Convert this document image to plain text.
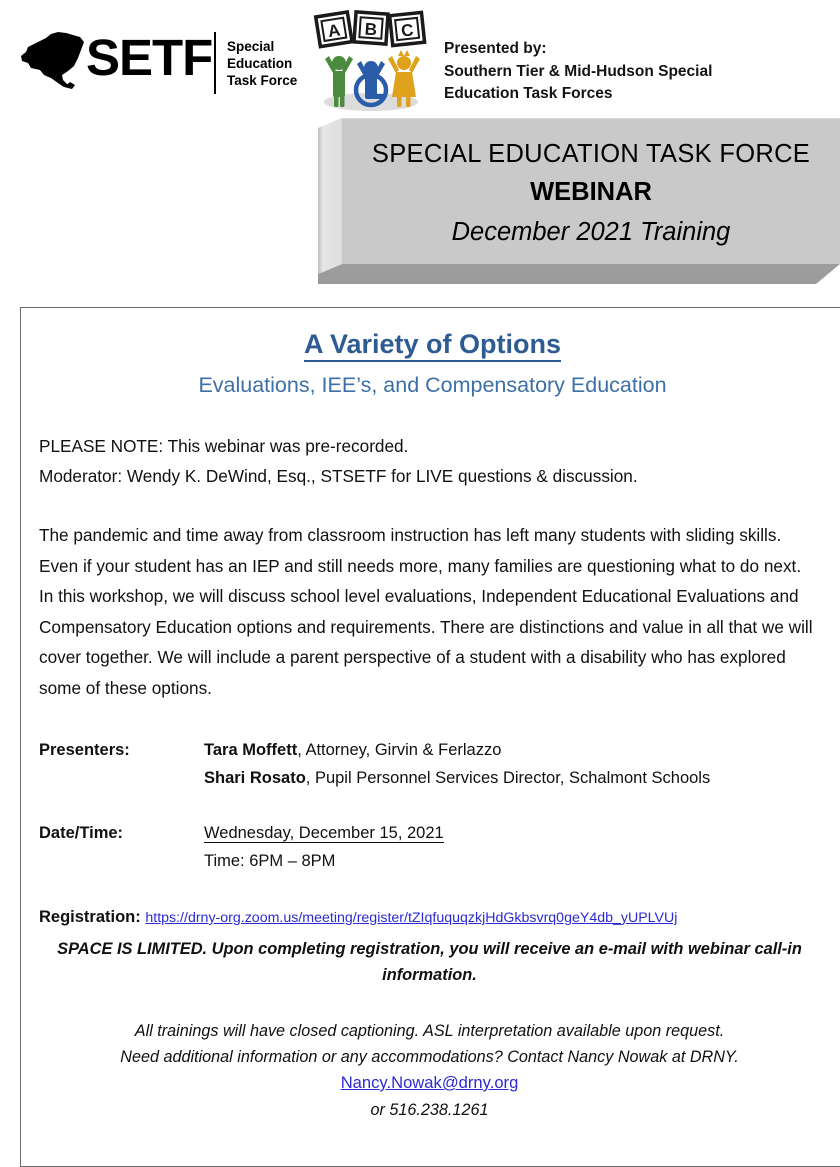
SETF Special
Education
Task Force
A B C
Presented by:
Southern Tier & Mid-Hudson Special
Education Task Forces
SPECIAL EDUCATION TASK FORCE
WEBINAR
December 2021 Training
A Variety of Options
Evaluations, IEE’s, and Compensatory Education
PLEASE NOTE: This webinar was pre-recorded.
Moderator: Wendy K. DeWind, Esq., STSETF for LIVE questions & discussion.
The pandemic and time away from classroom instruction has left many students with sliding skills. Even if your student has an IEP and still needs more, many families are questioning what to do next. In this workshop, we will discuss school level evaluations, Independent Educational Evaluations and Compensatory Education options and requirements. There are distinctions and value in all that we will cover together. We will include a parent perspective of a student with a disability who has explored some of these options.
Presenters:	Tara Moffett, Attorney, Girvin & Ferlazzo
Shari Rosato, Pupil Personnel Services Director, Schalmont Schools
Date/Time:	Wednesday, December 15, 2021
Time: 6PM – 8PM
Registration: https://drny-org.zoom.us/meeting/register/tZIqfuquqzkjHdGkbsvrq0geY4db_yUPLVUj
SPACE IS LIMITED. Upon completing registration, you will receive an e-mail with webinar call-in information.
All trainings will have closed captioning. ASL interpretation available upon request.
Need additional information or any accommodations? Contact Nancy Nowak at DRNY.
Nancy.Nowak@drny.org
or 516.238.1261
